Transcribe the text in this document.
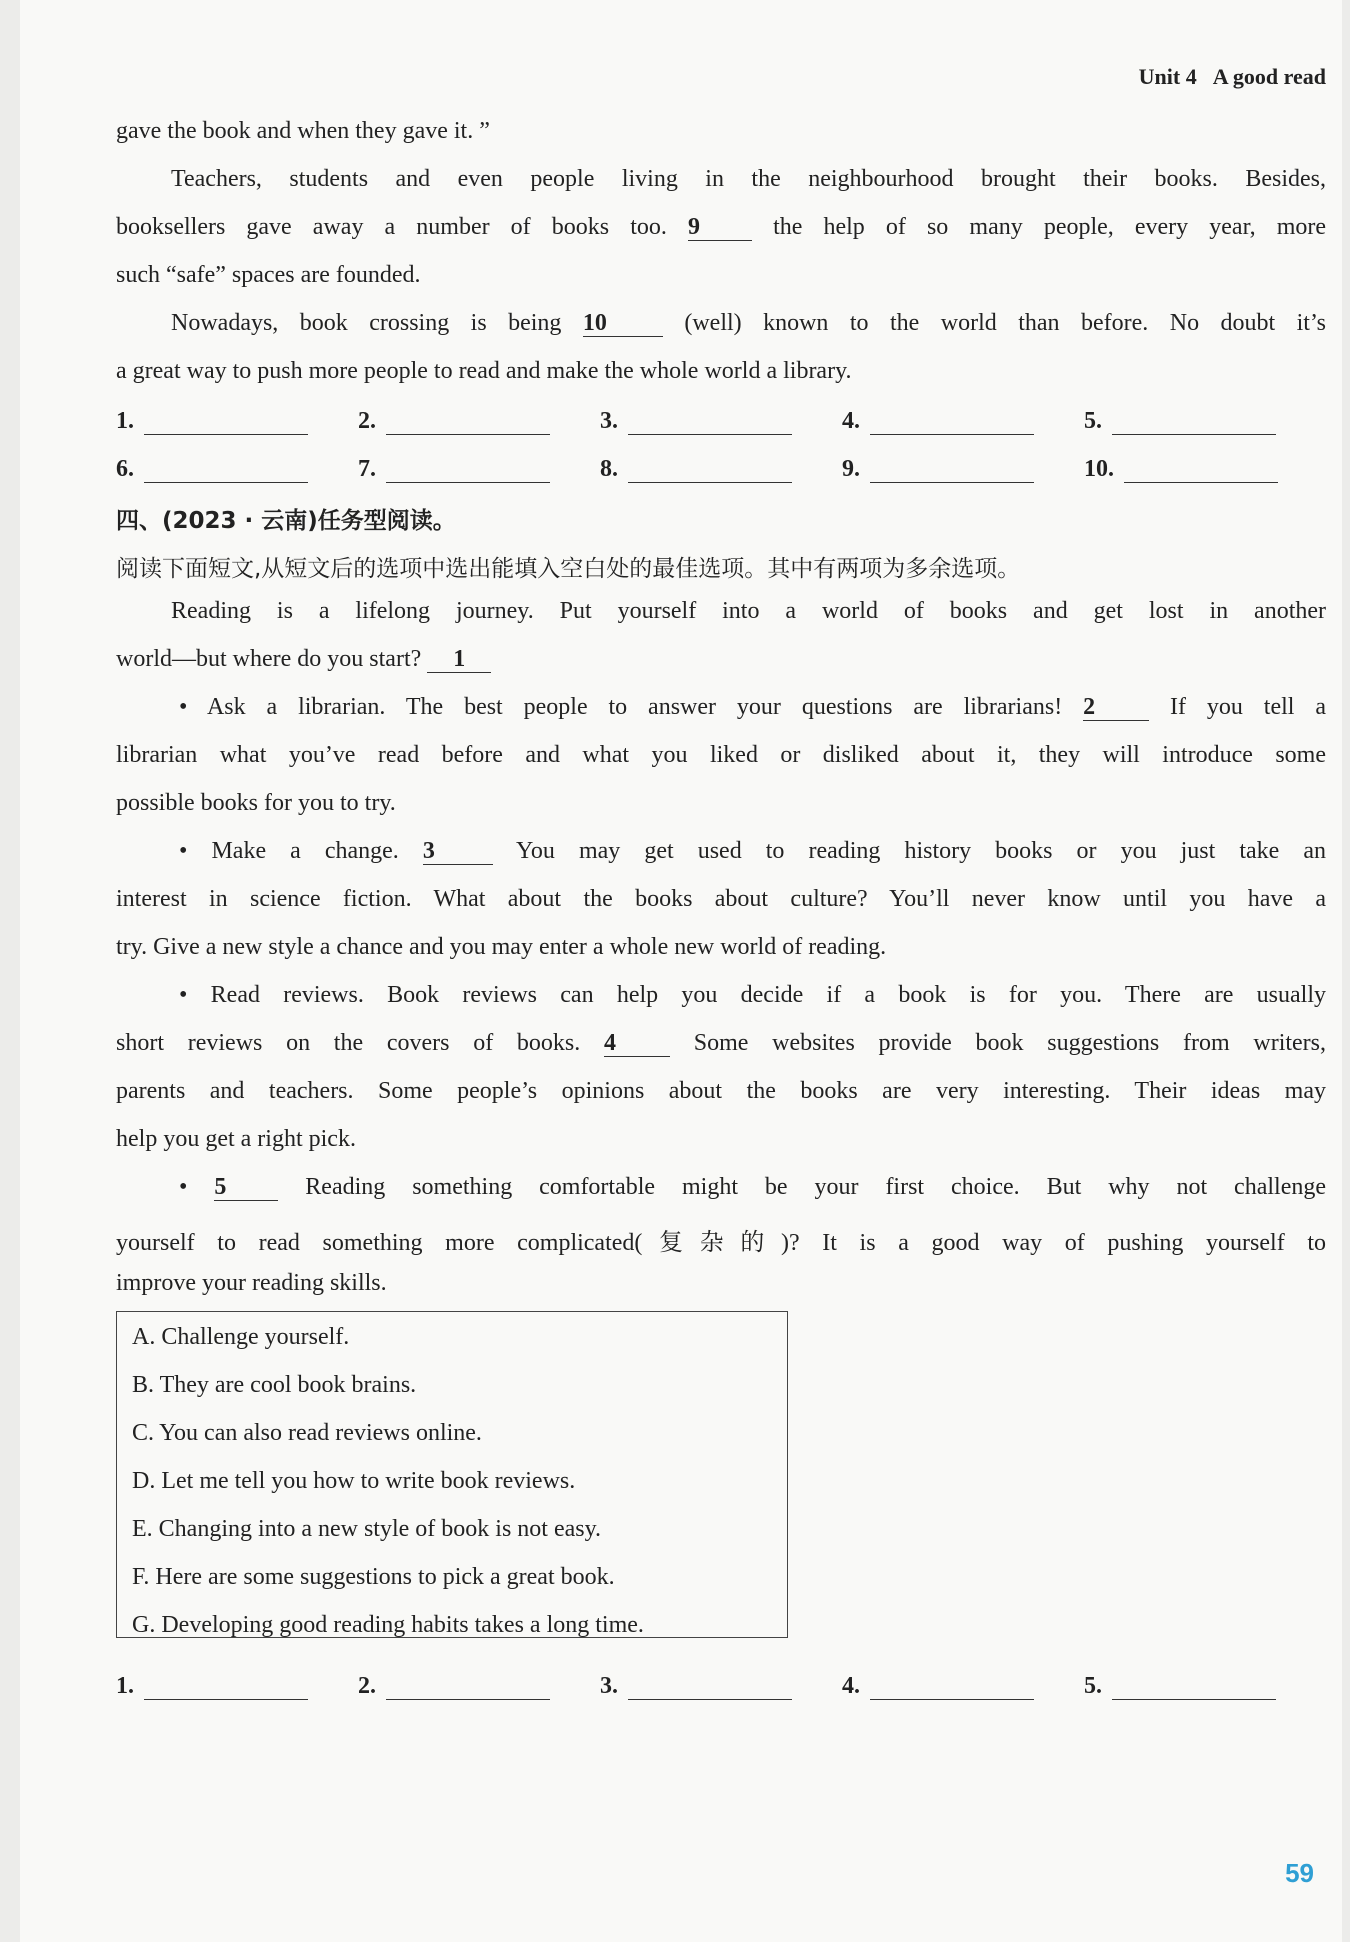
Unit 4 A good read
gave the book and when they gave it. ”
Teachers, students and even people living in the neighbourhood brought their books. Besides,
booksellers gave away a number of books too. 9	the help of so many people, every year, more
such “safe” spaces are founded.
Nowadays, book crossing is being 10	(well) known to the world than before. No doubt it’s
a great way to push more people to read and make the whole world a library.
1.	2.	3.	4.	5.
6.	7.	8.	9.	10.
四、(2023 · 云南)任务型阅读。
阅读下面短文,从短文后的选项中选出能填入空白处的最佳选项。其中有两项为多余选项。
Reading is a lifelong journey. Put yourself into a world of books and get lost in another
world—but where do you start? 1
• Ask a librarian. The best people to answer your questions are librarians! 2	If you tell a
librarian what you’ve read before and what you liked or disliked about it, they will introduce some
possible books for you to try.
• Make a change. 3	You may get used to reading history books or you just take an
interest in science fiction. What about the books about culture? You’ll never know until you have a
try. Give a new style a chance and you may enter a whole new world of reading.
• Read reviews. Book reviews can help you decide if a book is for you. There are usually
short reviews on the covers of books. 4	Some websites provide book suggestions from writers,
parents and teachers. Some people’s opinions about the books are very interesting. Their ideas may
help you get a right pick.
• 5	Reading something comfortable might be your first choice. But why not challenge
yourself to read something more complicated(复杂的)? It is a good way of pushing yourself to
improve your reading skills.
A. Challenge yourself.
B. They are cool book brains.
C. You can also read reviews online.
D. Let me tell you how to write book reviews.
E. Changing into a new style of book is not easy.
F. Here are some suggestions to pick a great book.
G. Developing good reading habits takes a long time.
1.	2.	3.	4.	5.
59
